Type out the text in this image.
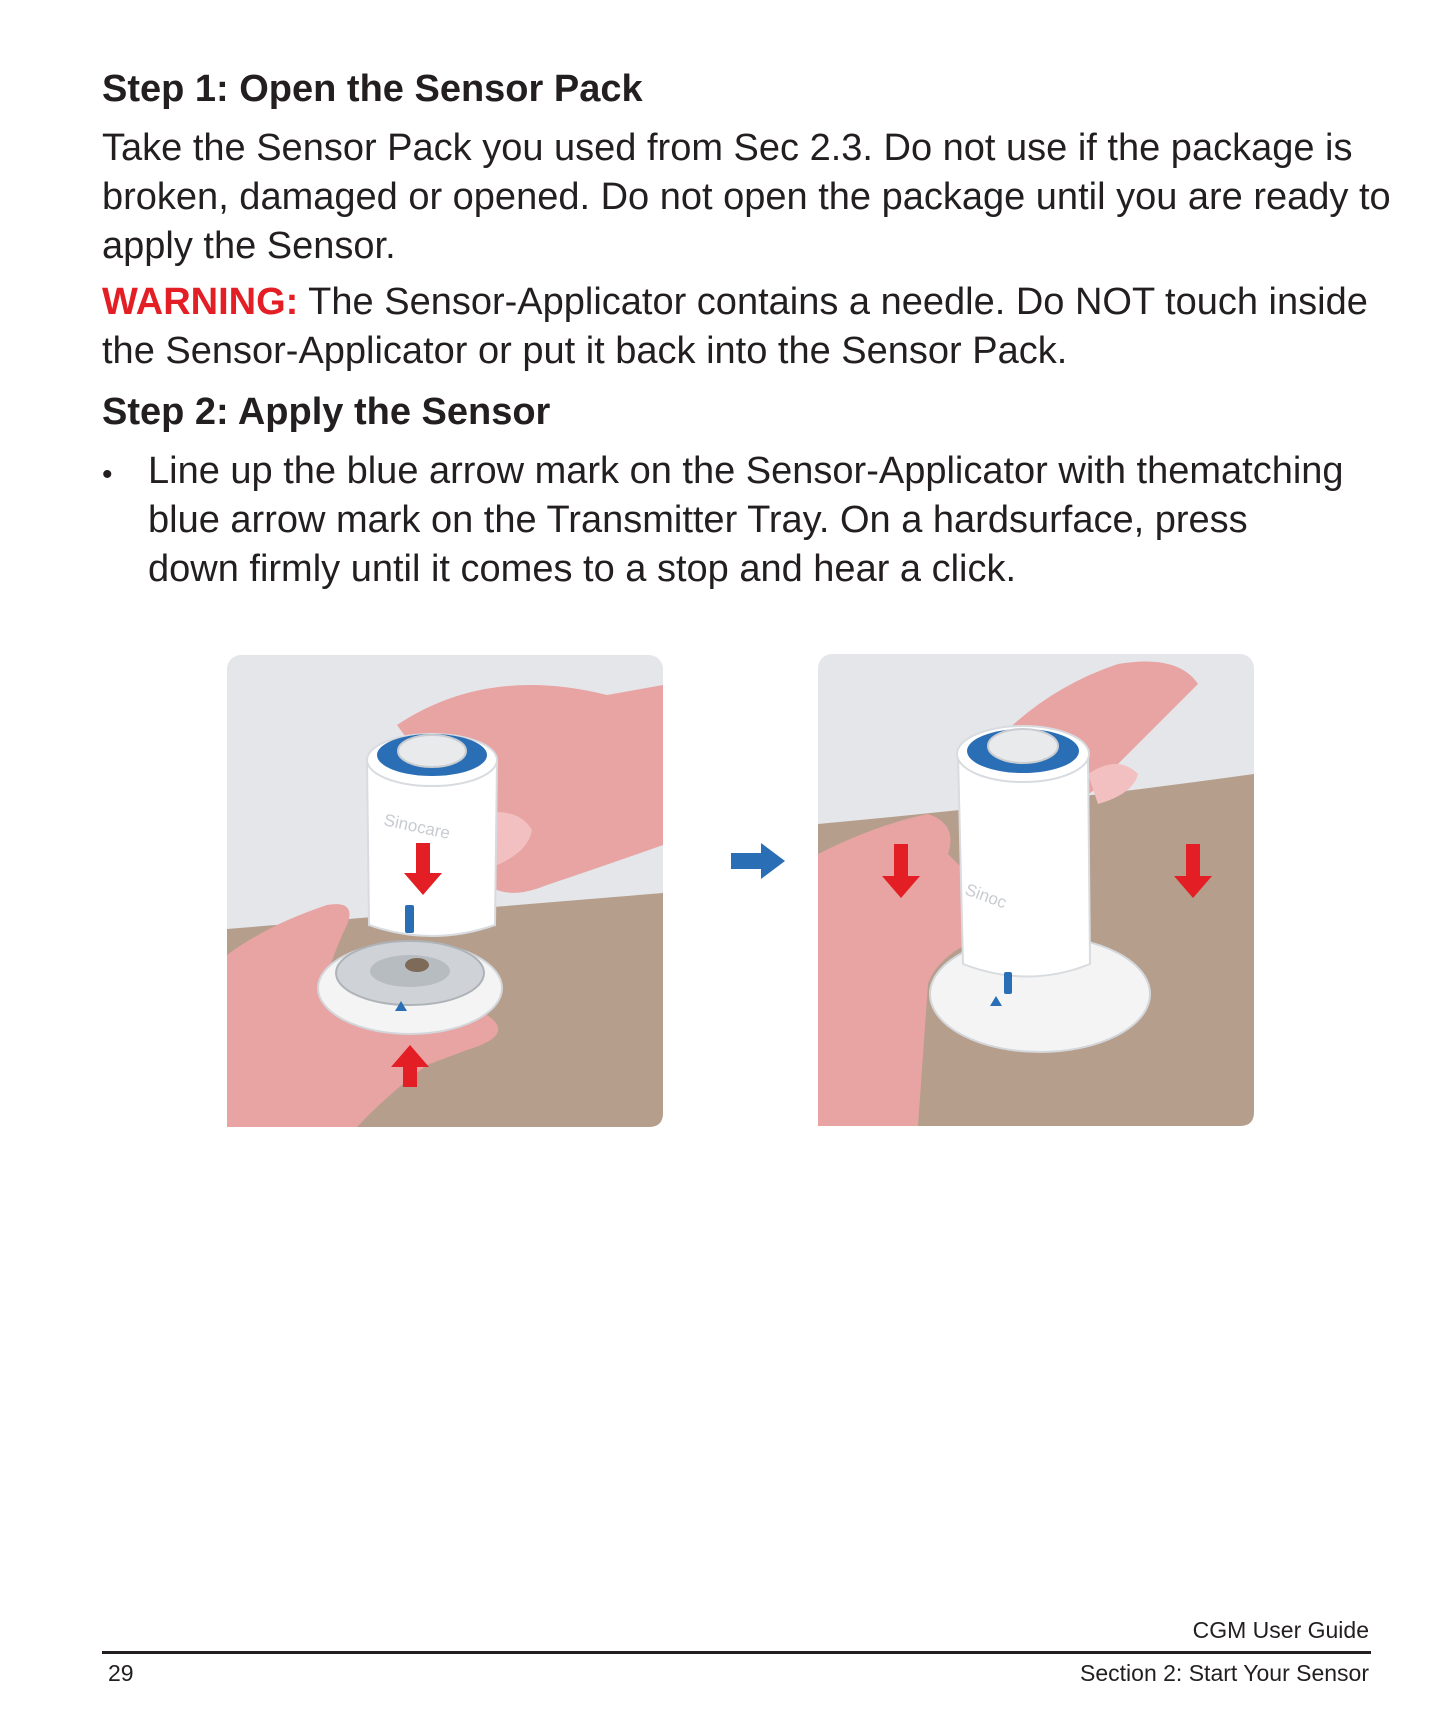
Step 1: Open the Sensor Pack

Take the Sensor Pack you used from Sec 2.3. Do not use if the package is broken, damaged or opened. Do not open the package until you are ready to apply the Sensor.

WARNING: The Sensor-Applicator contains a needle. Do NOT touch inside the Sensor-Applicator or put it back into the Sensor Pack.

Step 2: Apply the Sensor
• Line up the blue arrow mark on the Sensor-Applicator with thematching blue arrow mark on the Transmitter Tray. On a hardsurface, press down firmly until it comes to a stop and hear a click.

Sinocare
Sinoc
CGM User Guide
29	Section 2: Start Your Sensor
